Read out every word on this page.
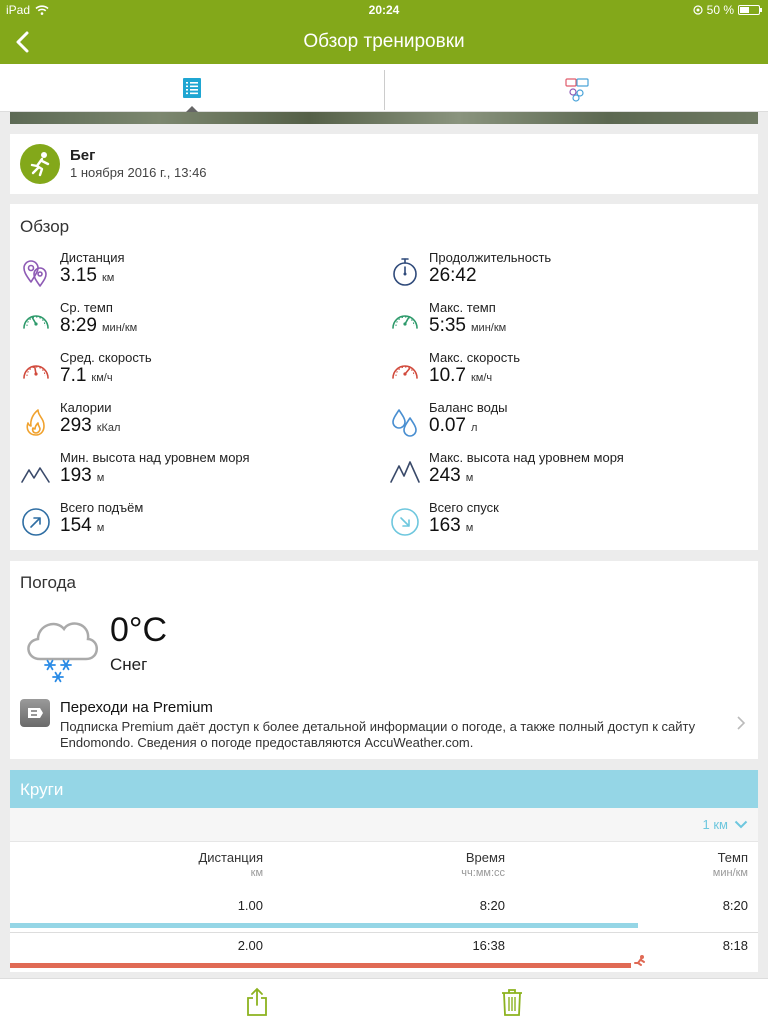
iPad	20:24	50 %
Обзор тренировки
Бег
1 ноября 2016 г., 13:46
Обзор
Дистанция
3.15 км
Продолжительность
26:42
Ср. темп
8:29 мин/км
Макс. темп
5:35 мин/км
Сред. скорость
7.1 км/ч
Макс. скорость
10.7 км/ч
Калории
293 кКал
Баланс воды
0.07 л
Мин. высота над уровнем моря
193 м
Макс. высота над уровнем моря
243 м
Всего подъём
154 м
Всего спуск
163 м
Погода
0°C
Снег
Переходи на Premium
Подписка Premium даёт доступ к более детальной информации о погоде, а также полный доступ к сайту Endomondo. Сведения о погоде предоставляются AccuWeather.com.
Круги
1 км
Дистанция
км
Время
чч:мм:сс
Темп
мин/км
1.00	8:20	8:20
2.00	16:38	8:18
